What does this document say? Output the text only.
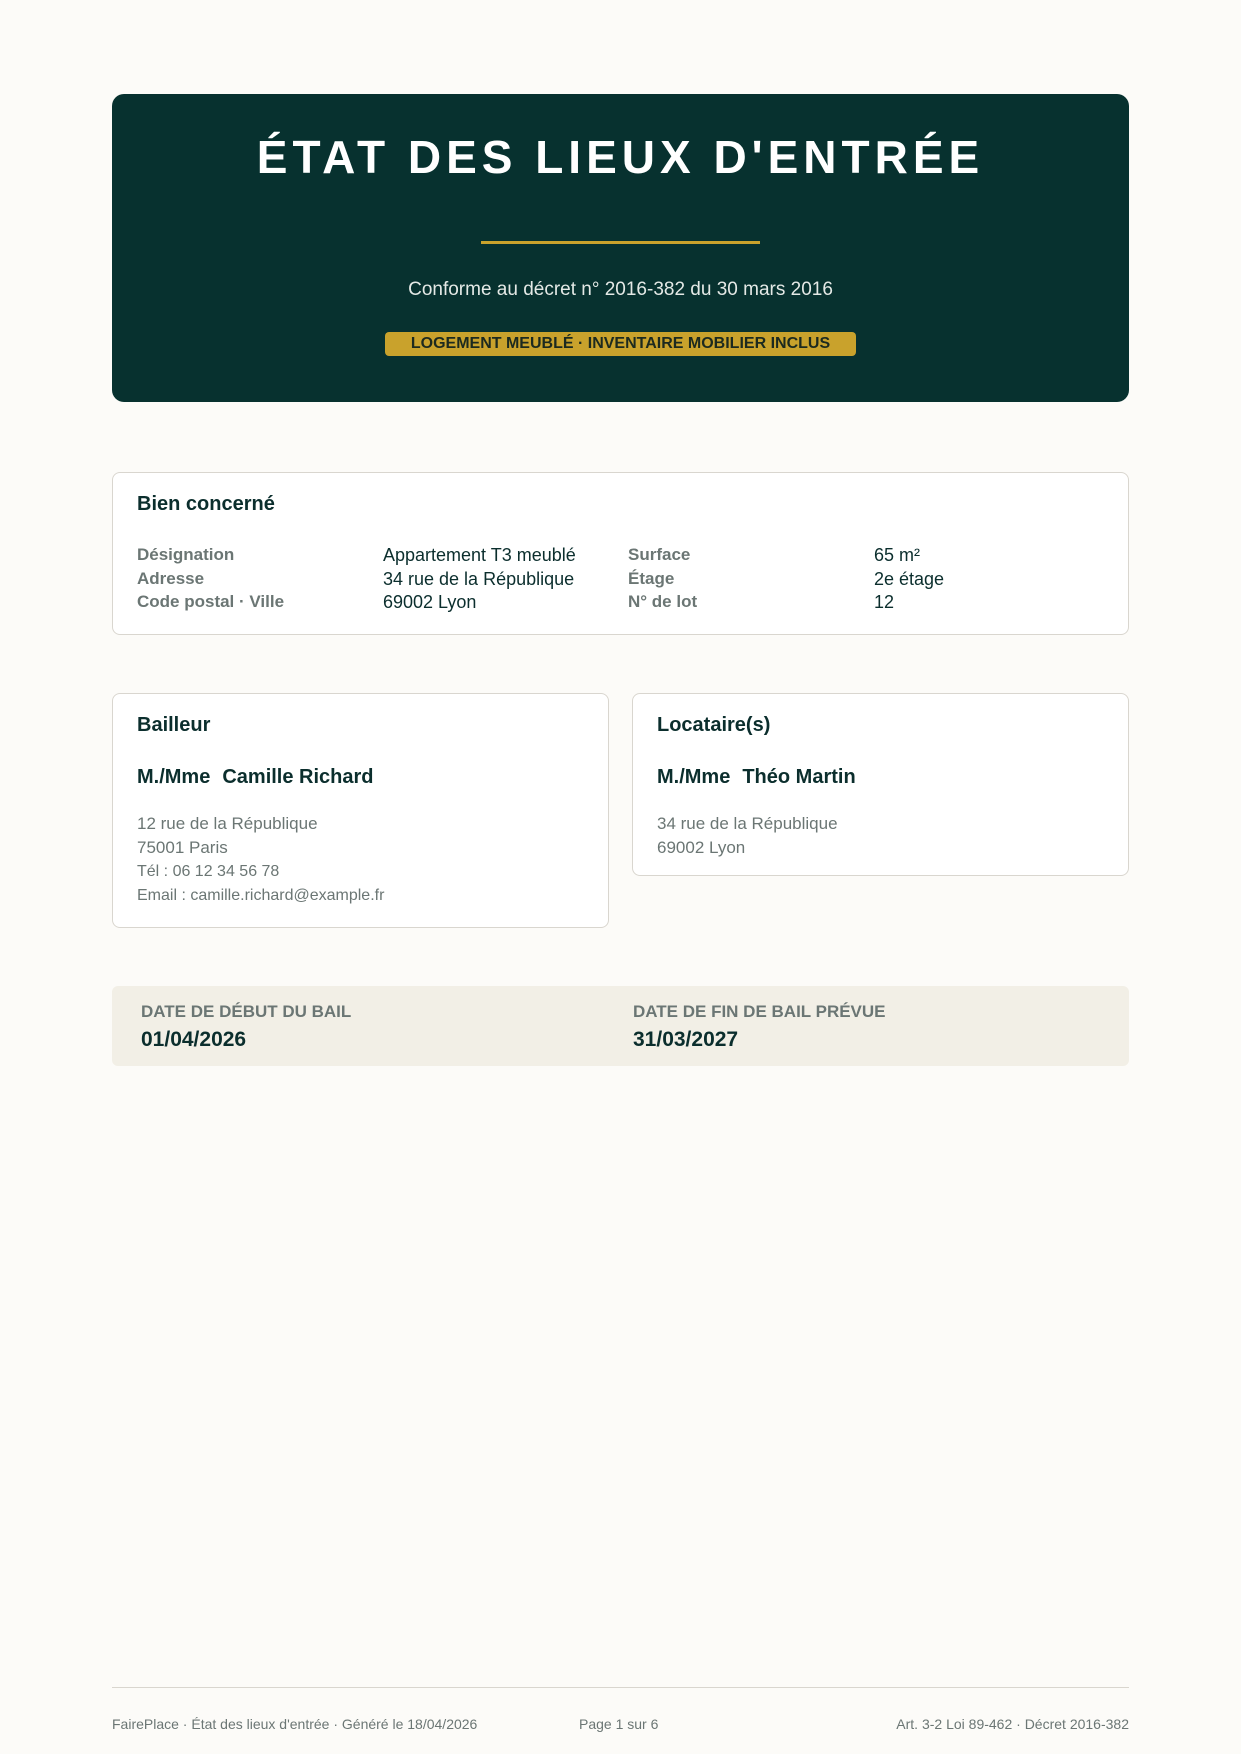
ÉTAT DES LIEUX D'ENTRÉE
Conforme au décret n° 2016-382 du 30 mars 2016
LOGEMENT MEUBLÉ · INVENTAIRE MOBILIER INCLUS
Bien concerné
Désignation	Appartement T3 meublé	Surface	65 m²
Adresse	34 rue de la République	Étage	2e étage
Code postal · Ville	69002 Lyon	N° de lot	12
Bailleur
M./Mme Camille Richard
12 rue de la République
75001 Paris
Tél : 06 12 34 56 78
Email : camille.richard@example.fr
Locataire(s)
M./Mme Théo Martin
34 rue de la République
69002 Lyon
DATE DE DÉBUT DU BAIL
01/04/2026
DATE DE FIN DE BAIL PRÉVUE
31/03/2027
FairePlace · État des lieux d'entrée · Généré le 18/04/2026	Page 1 sur 6	Art. 3-2 Loi 89-462 · Décret 2016-382
